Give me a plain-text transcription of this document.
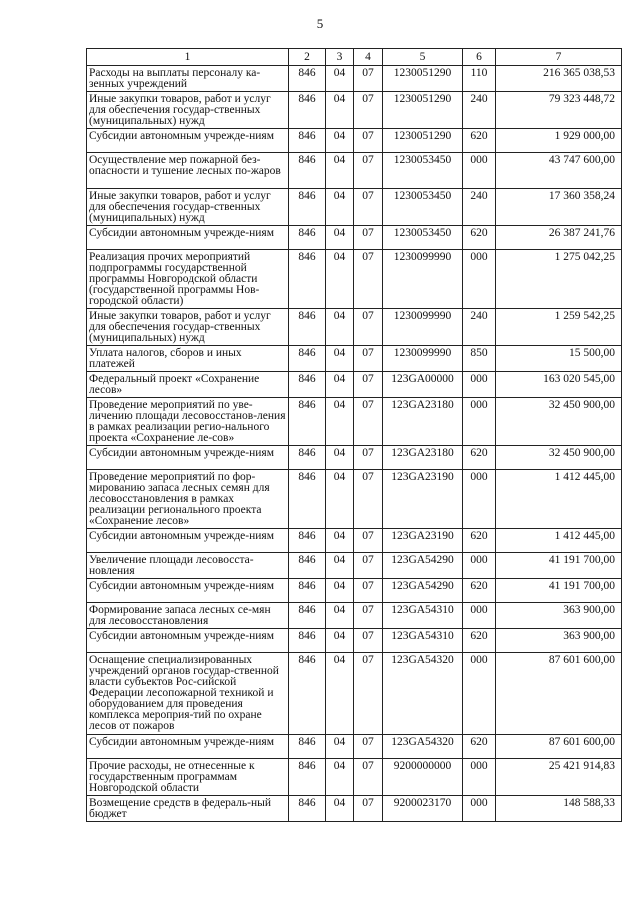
5
1	2	3	4	5	6	7
Расходы на выплаты персоналу ка-зенных учреждений	846	04	07	1230051290	110	216 365 038,53
Иные закупки товаров, работ и услуг для обеспечения государ-ственных (муниципальных) нужд	846	04	07	1230051290	240	79 323 448,72
Субсидии автономным учрежде-ниям	846	04	07	1230051290	620	1 929 000,00
Осуществление мер пожарной без-опасности и тушение лесных по-жаров	846	04	07	1230053450	000	43 747 600,00
Иные закупки товаров, работ и услуг для обеспечения государ-ственных (муниципальных) нужд	846	04	07	1230053450	240	17 360 358,24
Субсидии автономным учрежде-ниям	846	04	07	1230053450	620	26 387 241,76
Реализация прочих мероприятий подпрограммы государственной программы Новгородской области (государственной программы Нов-городской области)	846	04	07	1230099990	000	1 275 042,25
Иные закупки товаров, работ и услуг для обеспечения государ-ственных (муниципальных) нужд	846	04	07	1230099990	240	1 259 542,25
Уплата налогов, сборов и иных платежей	846	04	07	1230099990	850	15 500,00
Федеральный проект «Сохранение лесов»	846	04	07	123GA00000	000	163 020 545,00
Проведение мероприятий по уве-личению площади лесовосстанов-ления в рамках реализации регио-нального проекта «Сохранение ле-сов»	846	04	07	123GA23180	000	32 450 900,00
Субсидии автономным учрежде-ниям	846	04	07	123GA23180	620	32 450 900,00
Проведение мероприятий по фор-мированию запаса лесных семян для лесовосстановления в рамках реализации регионального проекта «Сохранение лесов»	846	04	07	123GA23190	000	1 412 445,00
Субсидии автономным учрежде-ниям	846	04	07	123GA23190	620	1 412 445,00
Увеличение площади лесовосста-новления	846	04	07	123GA54290	000	41 191 700,00
Субсидии автономным учрежде-ниям	846	04	07	123GA54290	620	41 191 700,00
Формирование запаса лесных се-мян для лесовосстановления	846	04	07	123GA54310	000	363 900,00
Субсидии автономным учрежде-ниям	846	04	07	123GA54310	620	363 900,00
Оснащение специализированных учреждений органов государ-ственной власти субъектов Рос-сийской Федерации лесопожарной техникой и оборудованием для проведения комплекса мероприя-тий по охране лесов от пожаров	846	04	07	123GA54320	000	87 601 600,00
Субсидии автономным учрежде-ниям	846	04	07	123GA54320	620	87 601 600,00
Прочие расходы, не отнесенные к государственным программам Новгородской области	846	04	07	9200000000	000	25 421 914,83
Возмещение средств в федераль-ный бюджет	846	04	07	9200023170	000	148 588,33
